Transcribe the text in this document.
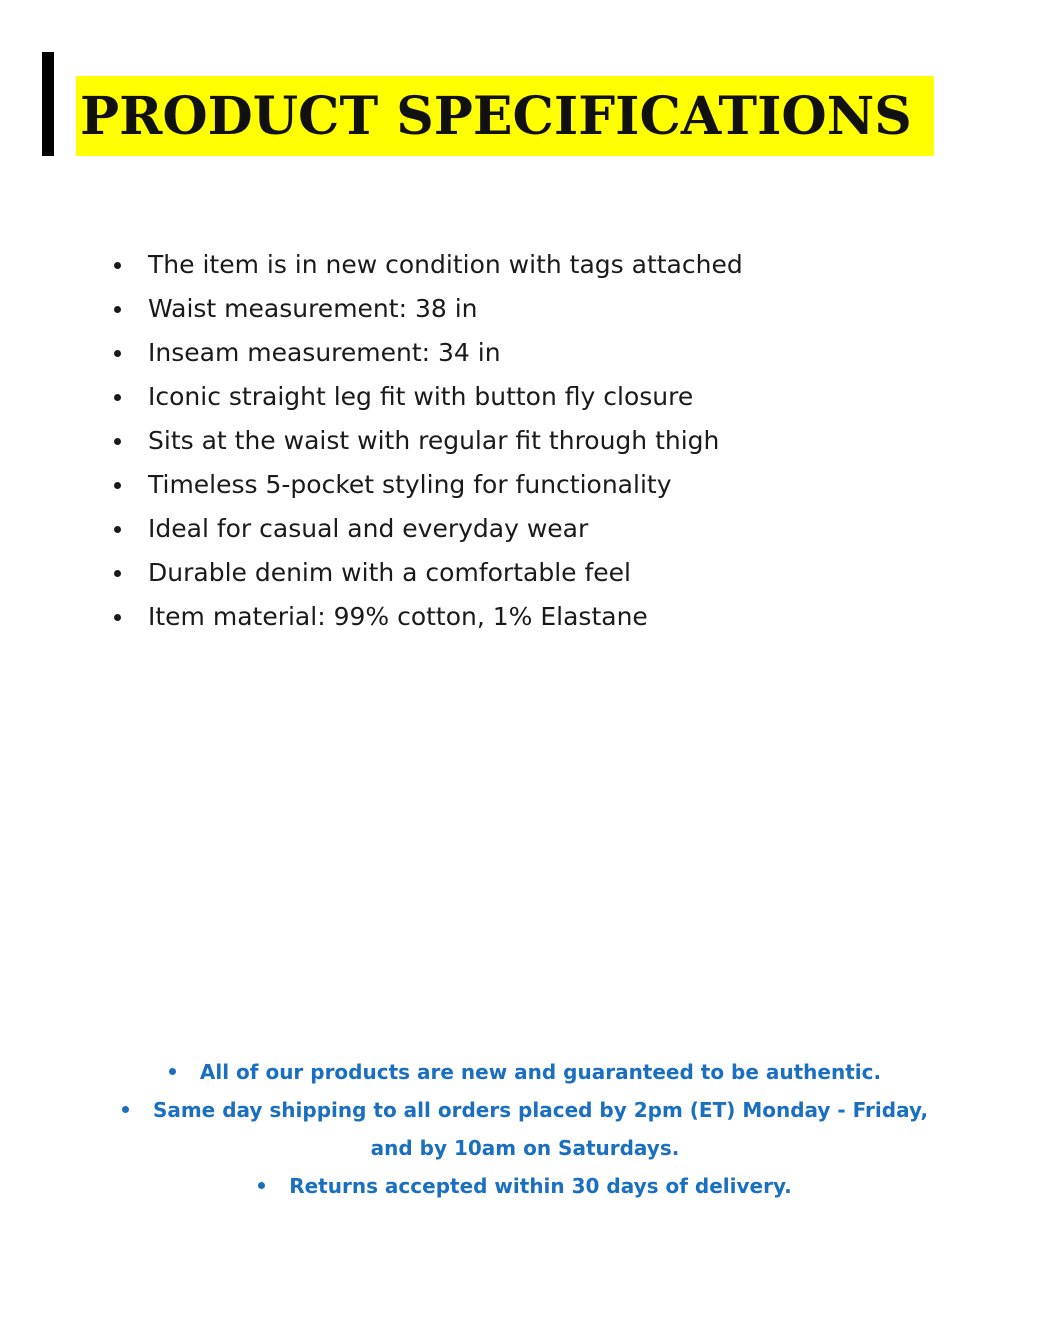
PRODUCT SPECIFICATIONS
The item is in new condition with tags attached
Waist measurement: 38 in
Inseam measurement: 34 in
Iconic straight leg fit with button fly closure
Sits at the waist with regular fit through thigh
Timeless 5-pocket styling for functionality
Ideal for casual and everyday wear
Durable denim with a comfortable feel
Item material: 99% cotton, 1% Elastane
All of our products are new and guaranteed to be authentic.
Same day shipping to all orders placed by 2pm (ET) Monday - Friday, and by 10am on Saturdays.
Returns accepted within 30 days of delivery.
